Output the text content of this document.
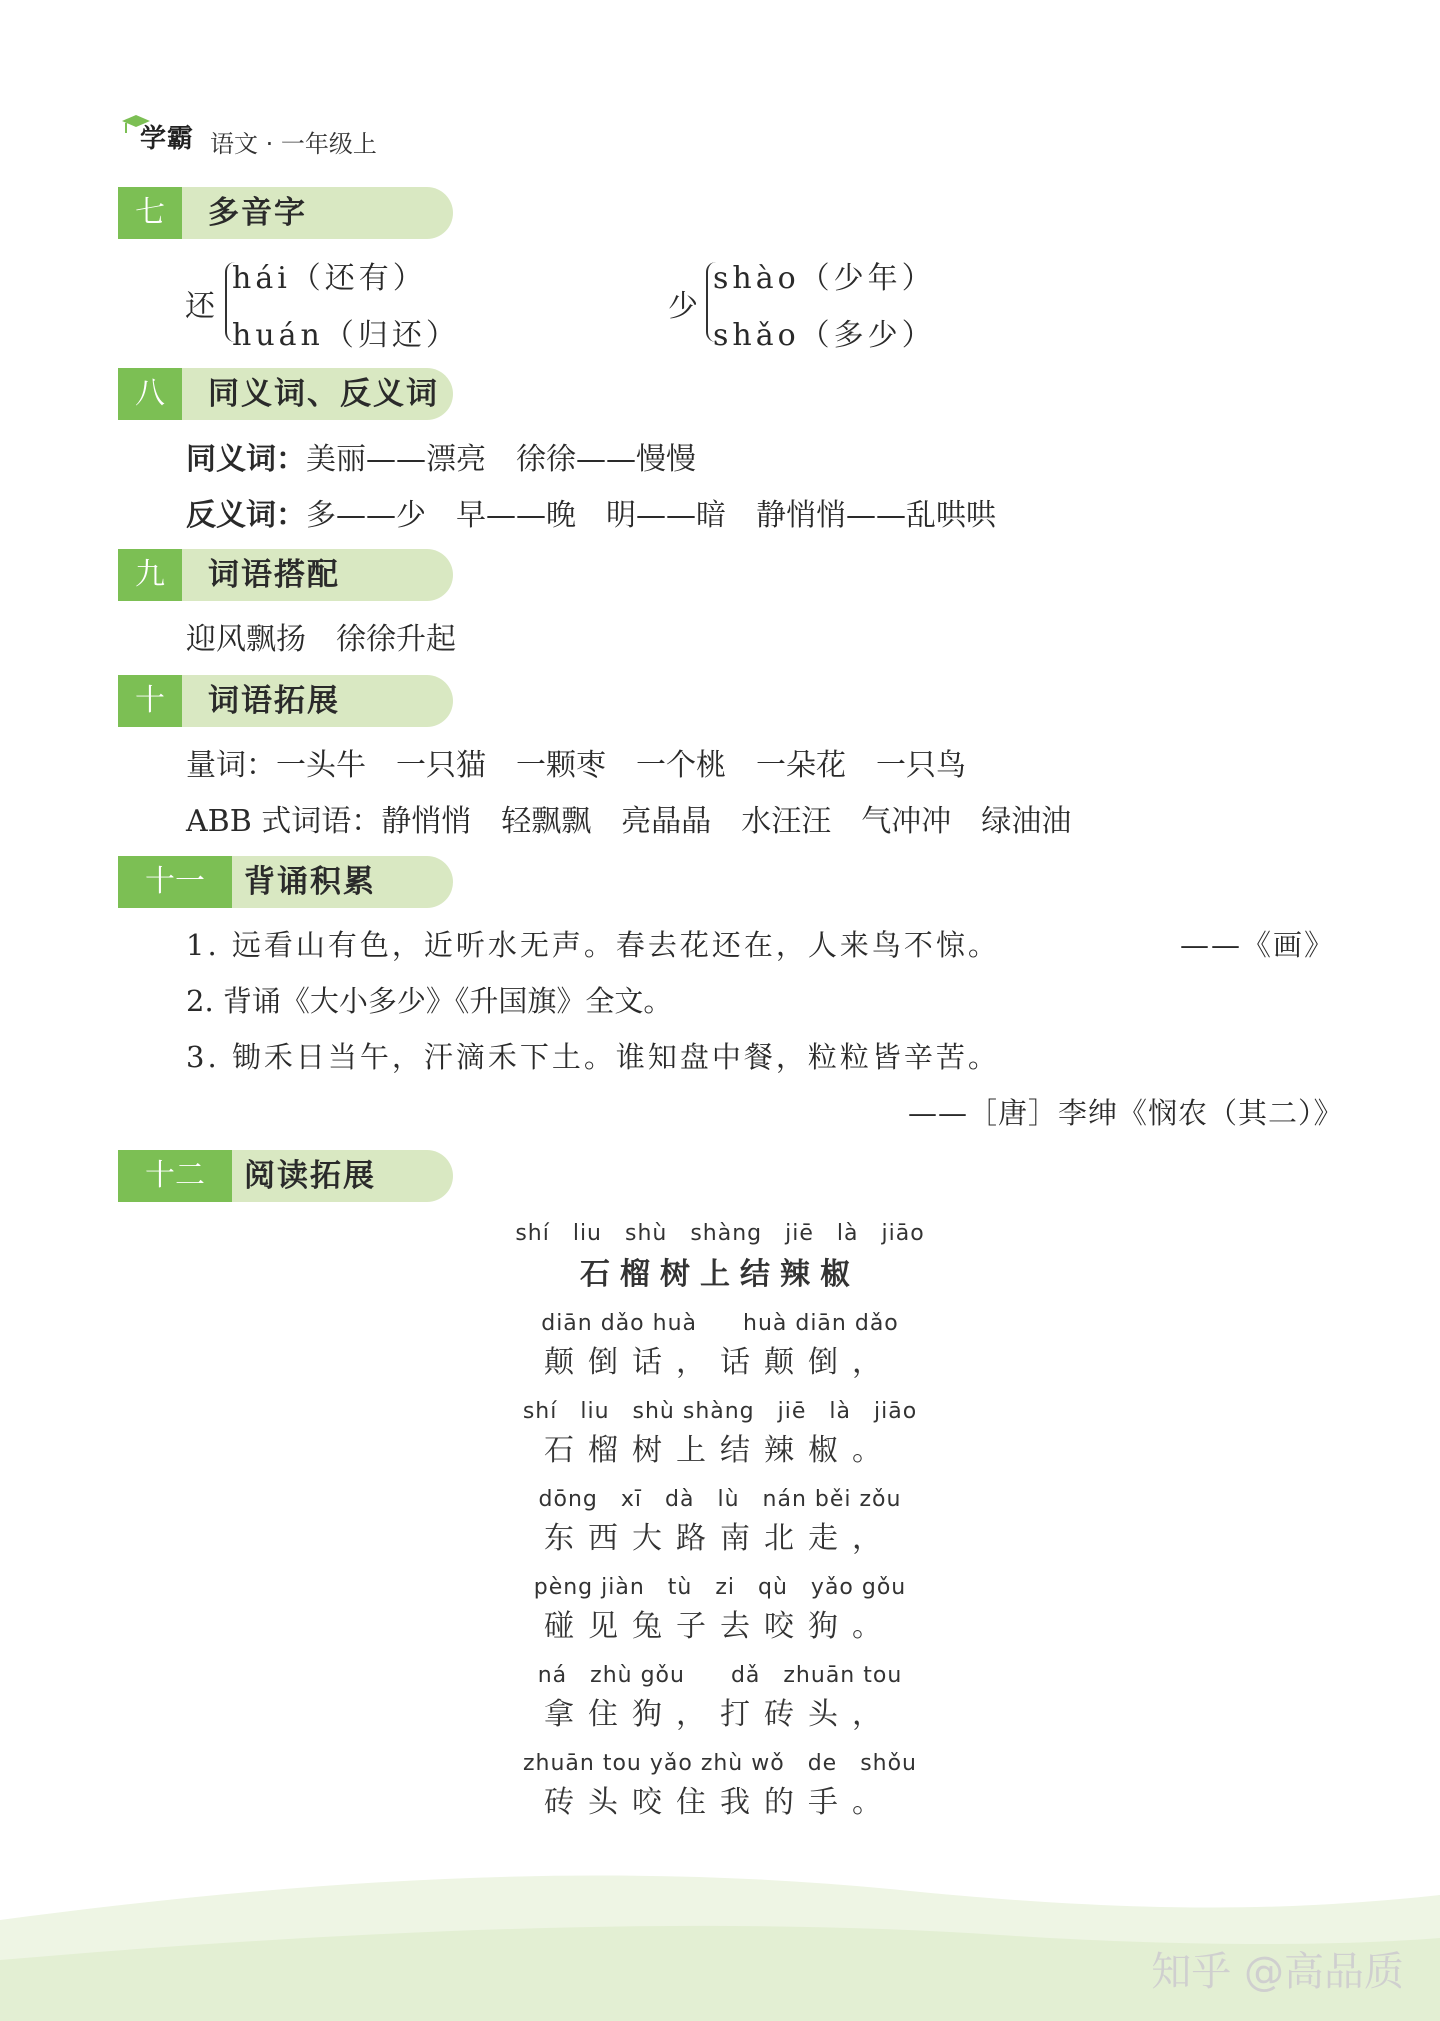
学霸 语文 · 一年级上
七	多音字
还
hái（还有）
huán（归还）
少
shào（少年）
shǎo（多少）
八	同义词、反义词
同义词：美丽——漂亮　徐徐——慢慢
反义词：多——少　早——晚　明——暗　静悄悄——乱哄哄
九	词语搭配
迎风飘扬　徐徐升起
十	词语拓展
量词：一头牛　一只猫　一颗枣　一个桃　一朵花　一只鸟
ABB 式词语：静悄悄　轻飘飘　亮晶晶　水汪汪　气冲冲　绿油油
十一	背诵积累
1. 远看山有色，近听水无声。春去花还在，人来鸟不惊。	——《画》
2. 背诵《大小多少》《升国旗》全文。
3. 锄禾日当午，汗滴禾下土。谁知盘中餐，粒粒皆辛苦。
——［唐］李绅《悯农（其二）》
十二	阅读拓展
shí　liu　shù　shàng　jiē　là　jiāo
石榴树上结辣椒
diān dǎo huà　　huà diān dǎo
颠倒话，话颠倒，
shí　liu　shù shàng　jiē　là　jiāo
石榴树上结辣椒。
dōng　xī　dà　lù　nán běi zǒu
东西大路南北走，
pèng jiàn　tù　zi　qù　yǎo gǒu
碰见兔子去咬狗。
ná　zhù gǒu　　dǎ　zhuān tou
拿住狗，打砖头，
zhuān tou yǎo zhù wǒ　de　shǒu
砖头咬住我的手。
知乎 @高品质
